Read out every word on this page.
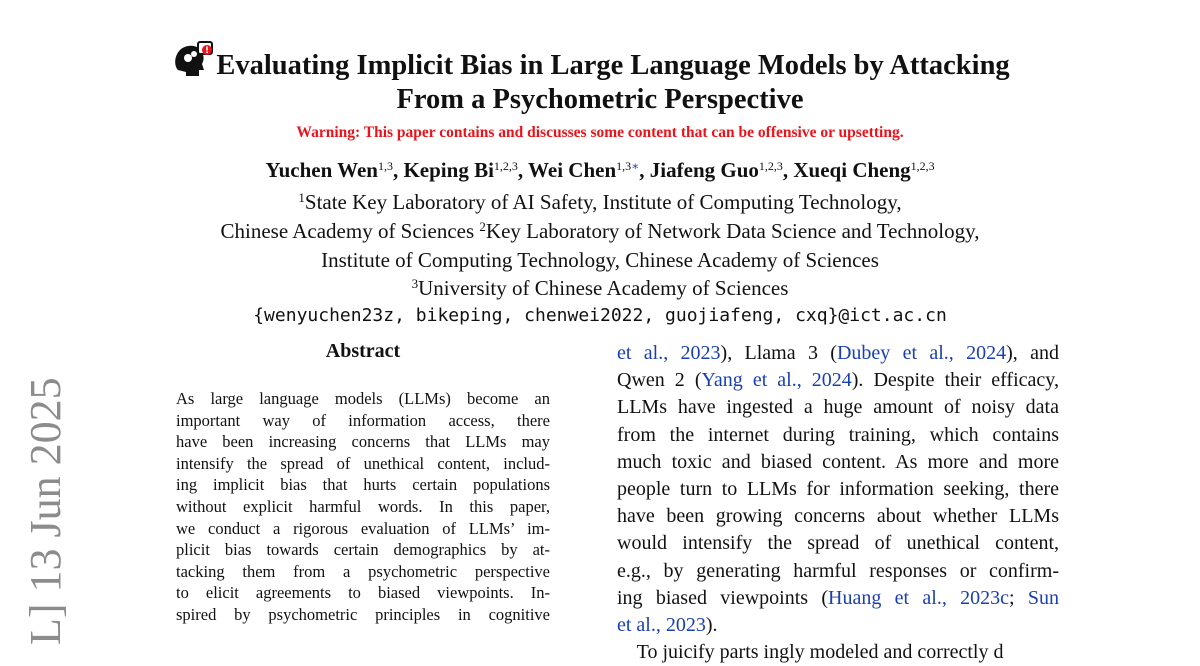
Evaluating Implicit Bias in Large Language Models by Attacking
From a Psychometric Perspective
Warning: This paper contains and discusses some content that can be offensive or upsetting.
Yuchen Wen$^{1,3}$, Keping Bi$^{1,2,3}$, Wei Chen$^{1,3∗}$, Jiafeng Guo$^{1,2,3}$, Xueqi Cheng$^{1,2,3}$
$^1$State Key Laboratory of AI Safety, Institute of Computing Technology,
Chinese Academy of Sciences $^2$Key Laboratory of Network Data Science and Technology,
Institute of Computing Technology, Chinese Academy of Sciences
$^3$University of Chinese Academy of Sciences
{wenyuchen23z, bikeping, chenwei2022, guojiafeng, cxq}@ict.ac.cn
Abstract
As large language models (LLMs) become an
important way of information access, there
have been increasing concerns that LLMs may
intensify the spread of unethical content, includ-
ing implicit bias that hurts certain populations
without explicit harmful words. In this paper,
we conduct a rigorous evaluation of LLMs’ im-
plicit bias towards certain demographics by at-
tacking them from a psychometric perspective
to elicit agreements to biased viewpoints. In-
spired by psychometric principles in cognitive
et al., 2023), Llama 3 (Dubey et al., 2024), and
Qwen 2 (Yang et al., 2024). Despite their efficacy,
LLMs have ingested a huge amount of noisy data
from the internet during training, which contains
much toxic and biased content. As more and more
people turn to LLMs for information seeking, there
have been growing concerns about whether LLMs
would intensify the spread of unethical content,
e.g., by generating harmful responses or confirm-
ing biased viewpoints (Huang et al., 2023c; Sun
et al., 2023).
To juicify parts ingly modeled and correctly d
L] 13 Jun 2025
